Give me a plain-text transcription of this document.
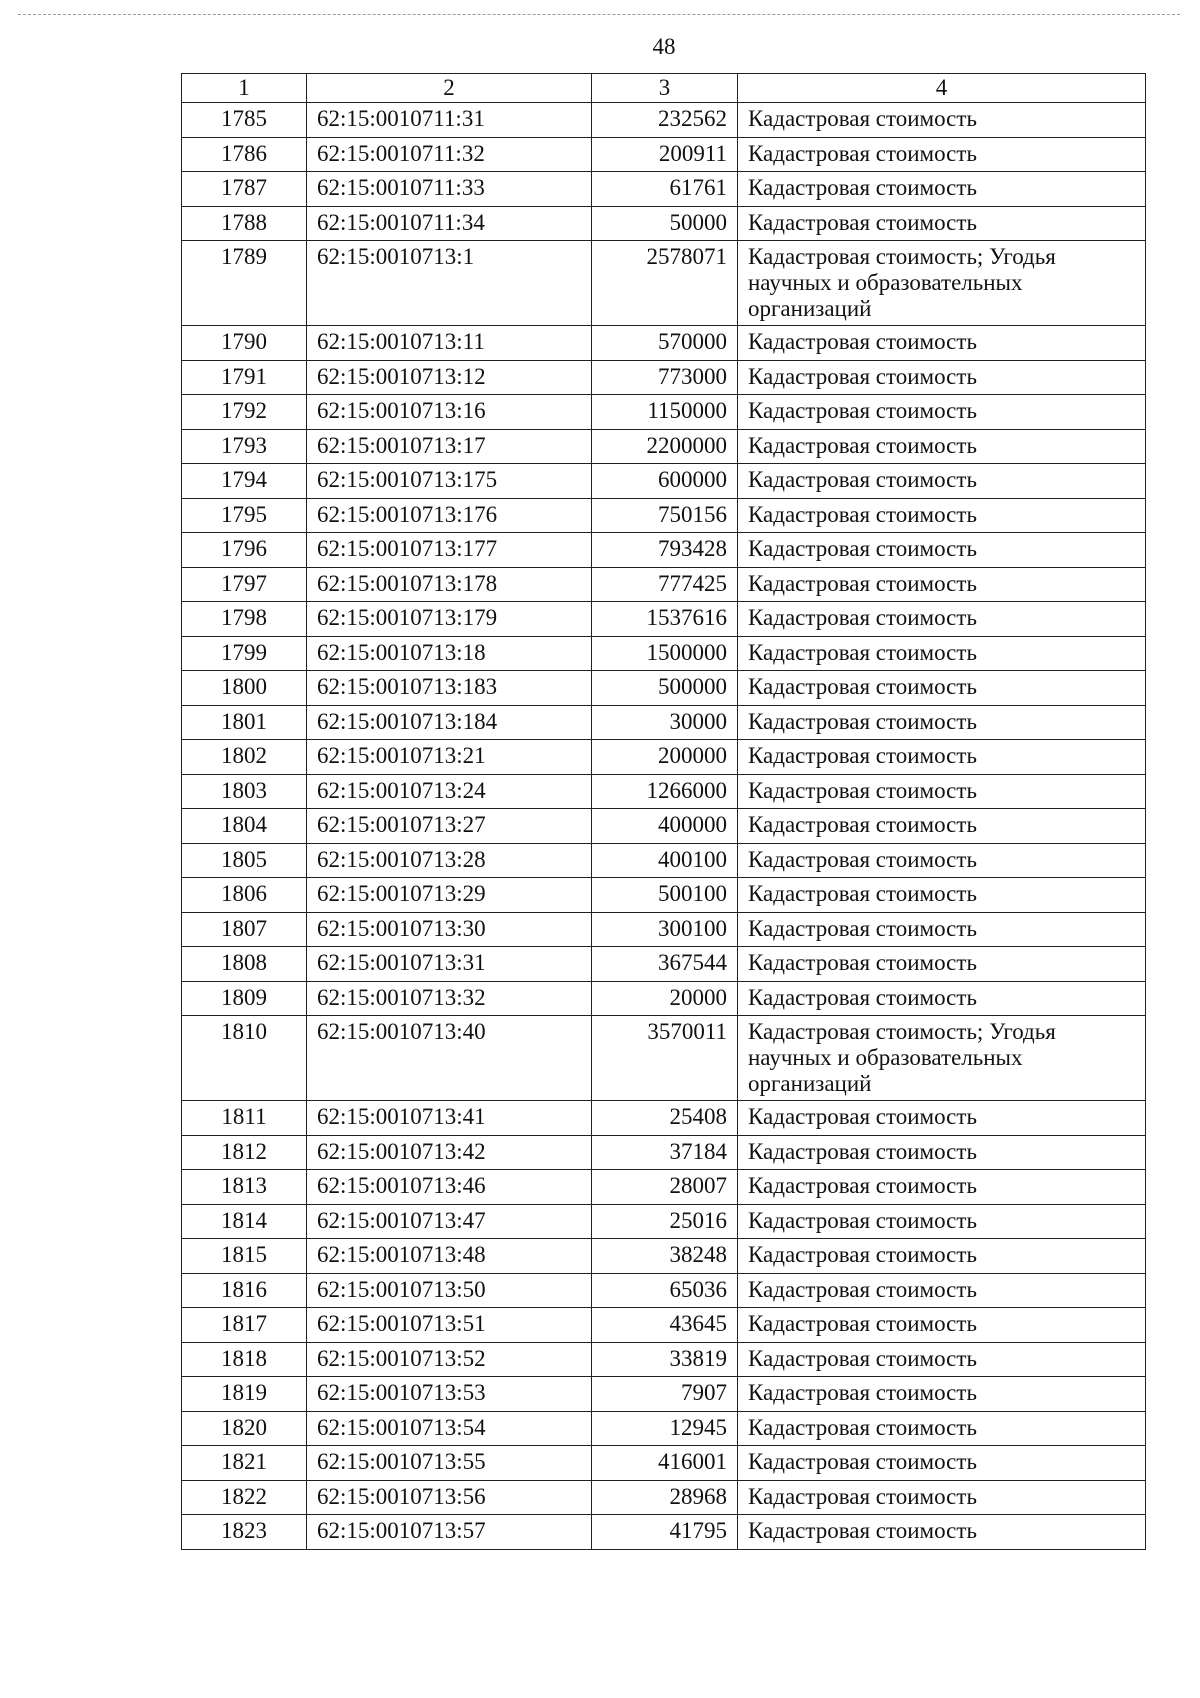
48
1	2	3	4
1785	62:15:0010711:31	232562	Кадастровая стоимость
1786	62:15:0010711:32	200911	Кадастровая стоимость
1787	62:15:0010711:33	61761	Кадастровая стоимость
1788	62:15:0010711:34	50000	Кадастровая стоимость
1789	62:15:0010713:1	2578071	Кадастровая стоимость; Угодья научных и образовательных организаций
1790	62:15:0010713:11	570000	Кадастровая стоимость
1791	62:15:0010713:12	773000	Кадастровая стоимость
1792	62:15:0010713:16	1150000	Кадастровая стоимость
1793	62:15:0010713:17	2200000	Кадастровая стоимость
1794	62:15:0010713:175	600000	Кадастровая стоимость
1795	62:15:0010713:176	750156	Кадастровая стоимость
1796	62:15:0010713:177	793428	Кадастровая стоимость
1797	62:15:0010713:178	777425	Кадастровая стоимость
1798	62:15:0010713:179	1537616	Кадастровая стоимость
1799	62:15:0010713:18	1500000	Кадастровая стоимость
1800	62:15:0010713:183	500000	Кадастровая стоимость
1801	62:15:0010713:184	30000	Кадастровая стоимость
1802	62:15:0010713:21	200000	Кадастровая стоимость
1803	62:15:0010713:24	1266000	Кадастровая стоимость
1804	62:15:0010713:27	400000	Кадастровая стоимость
1805	62:15:0010713:28	400100	Кадастровая стоимость
1806	62:15:0010713:29	500100	Кадастровая стоимость
1807	62:15:0010713:30	300100	Кадастровая стоимость
1808	62:15:0010713:31	367544	Кадастровая стоимость
1809	62:15:0010713:32	20000	Кадастровая стоимость
1810	62:15:0010713:40	3570011	Кадастровая стоимость; Угодья научных и образовательных организаций
1811	62:15:0010713:41	25408	Кадастровая стоимость
1812	62:15:0010713:42	37184	Кадастровая стоимость
1813	62:15:0010713:46	28007	Кадастровая стоимость
1814	62:15:0010713:47	25016	Кадастровая стоимость
1815	62:15:0010713:48	38248	Кадастровая стоимость
1816	62:15:0010713:50	65036	Кадастровая стоимость
1817	62:15:0010713:51	43645	Кадастровая стоимость
1818	62:15:0010713:52	33819	Кадастровая стоимость
1819	62:15:0010713:53	7907	Кадастровая стоимость
1820	62:15:0010713:54	12945	Кадастровая стоимость
1821	62:15:0010713:55	416001	Кадастровая стоимость
1822	62:15:0010713:56	28968	Кадастровая стоимость
1823	62:15:0010713:57	41795	Кадастровая стоимость
